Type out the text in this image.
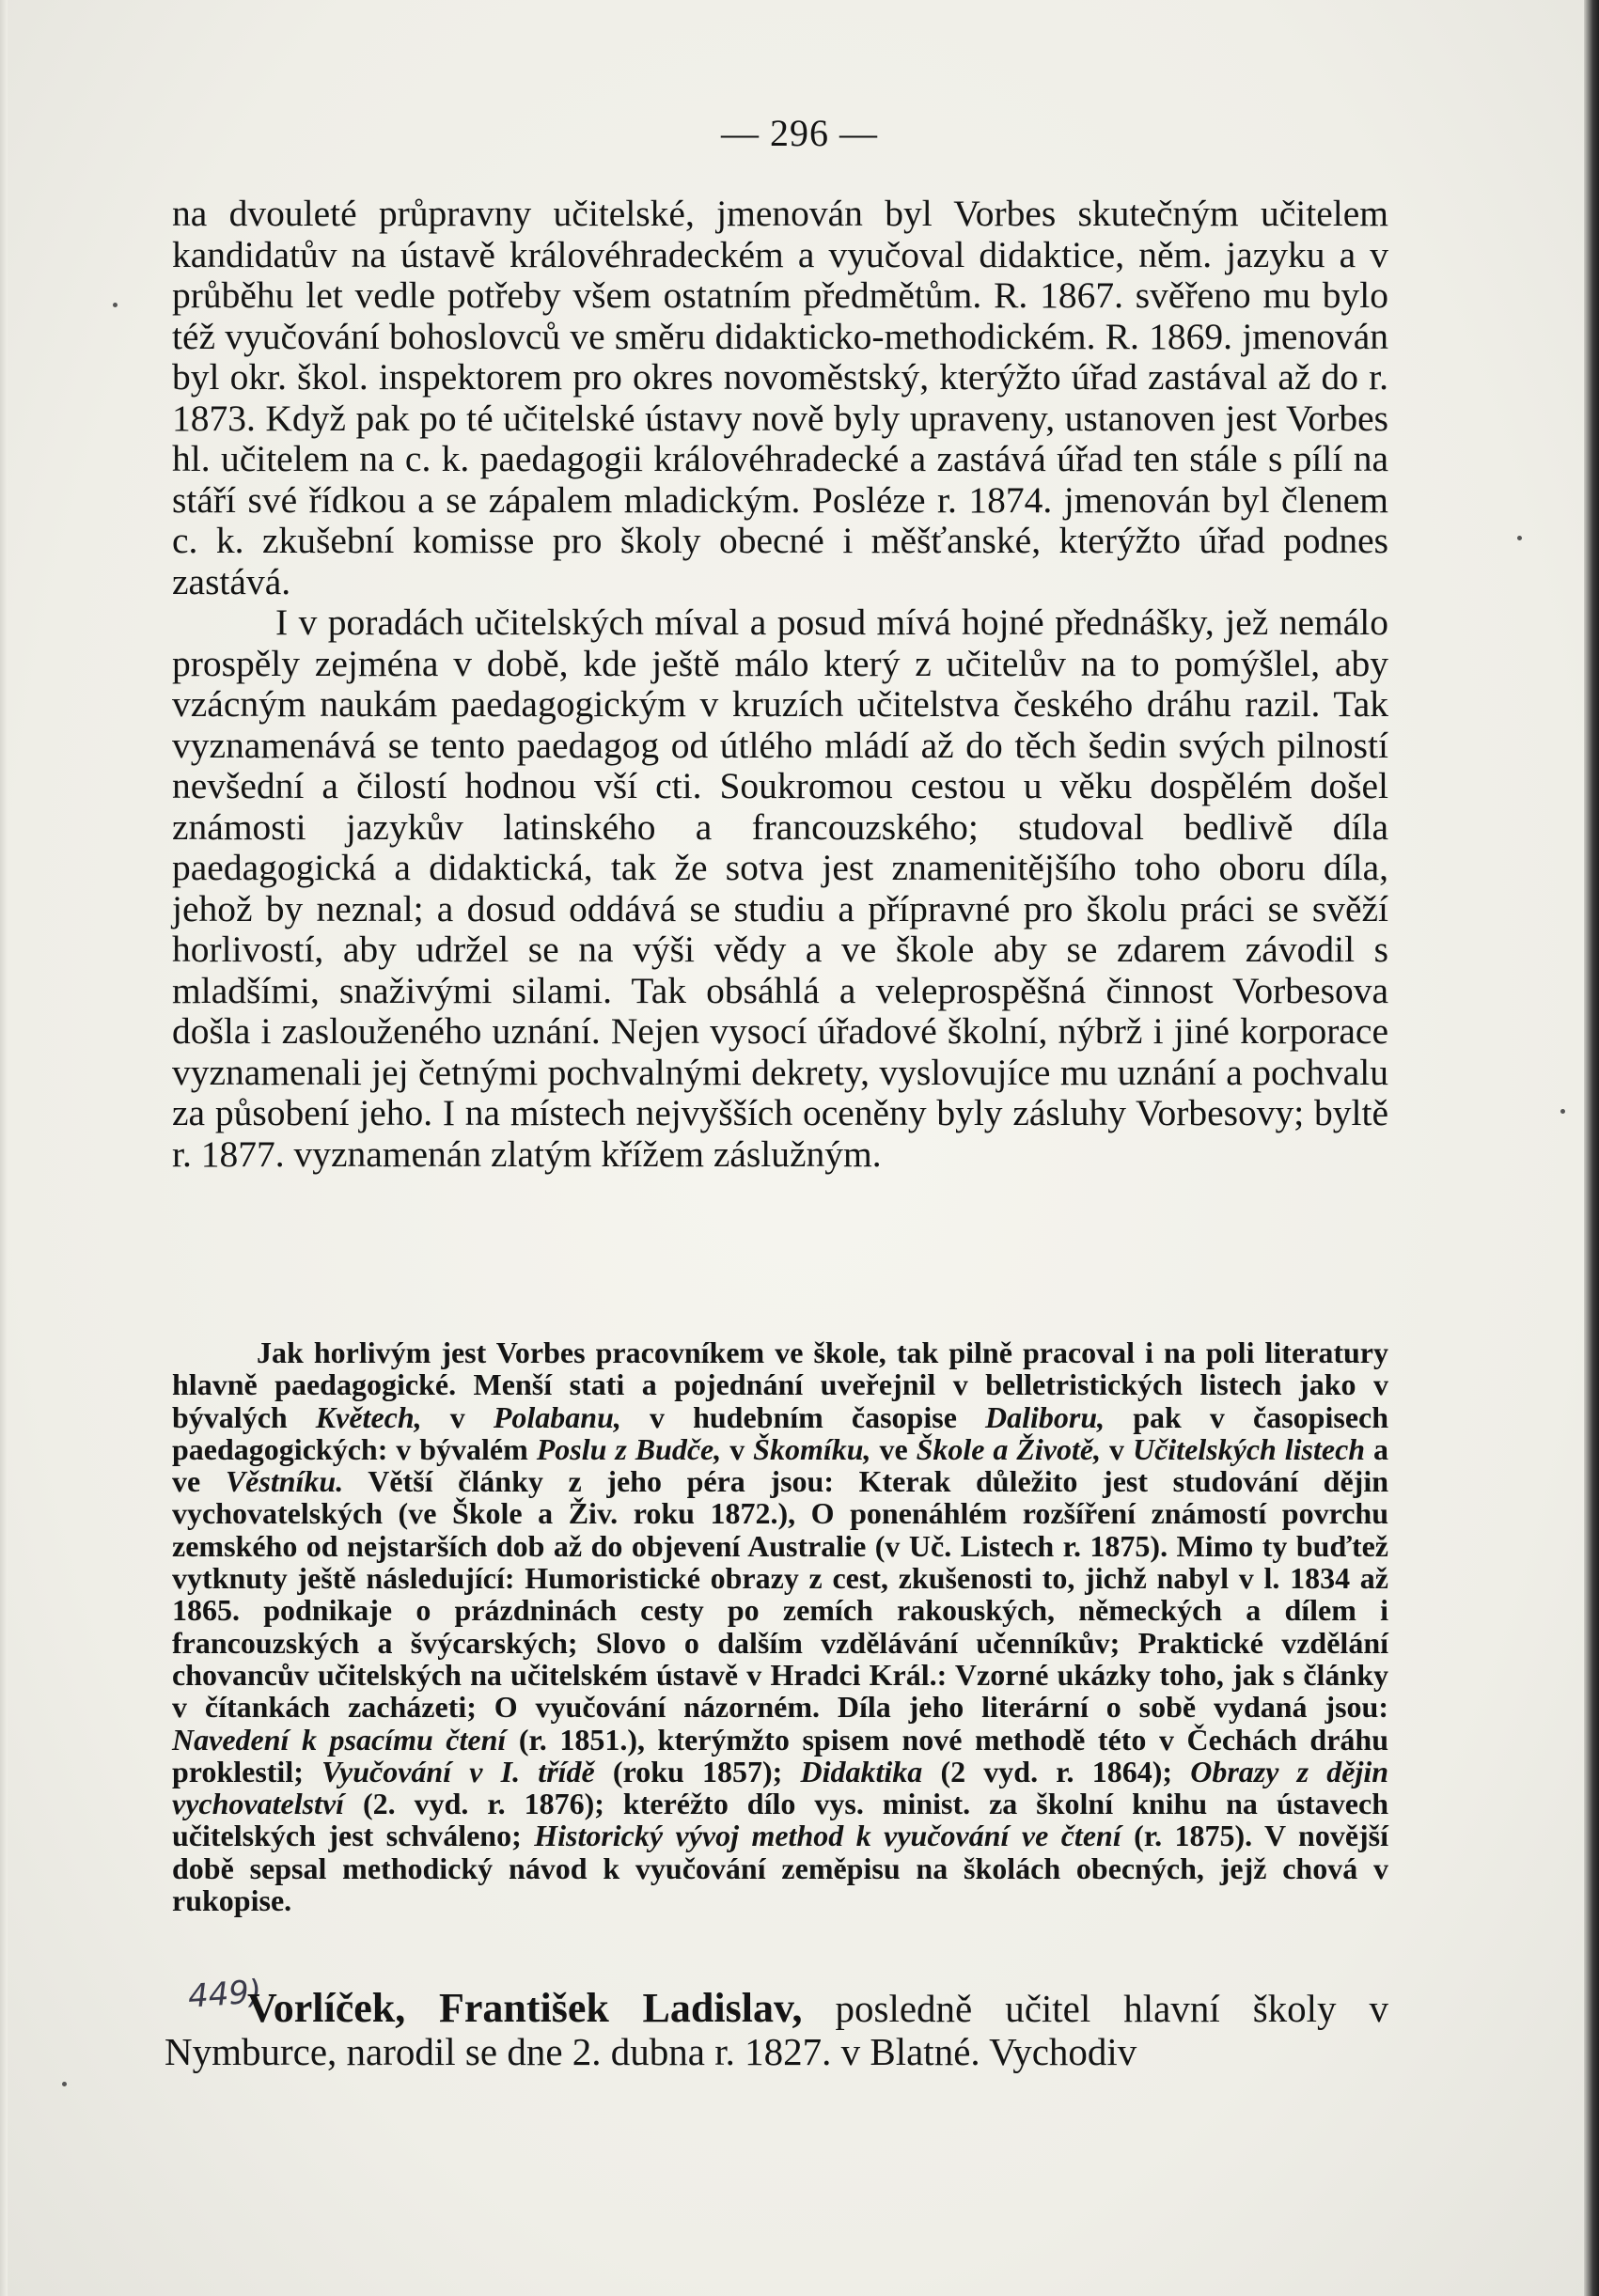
— 296 —

na dvouleté průpravny učitelské, jmenován byl Vorbes skutečným učitelem kandidatův na ústavě královéhradeckém a vyučoval didaktice, něm. jazyku a v průběhu let vedle potřeby všem ostatním předmětům. R. 1867. svěřeno mu bylo též vyučování bohoslovců ve směru didakticko-methodickém. R. 1869. jmenován byl okr. škol. inspektorem pro okres novoměstský, kterýžto úřad zastával až do r. 1873. Když pak po té učitelské ústavy nově byly upraveny, ustanoven jest Vorbes hl. učitelem na c. k. paedagogii královéhradecké a zastává úřad ten stále s pílí na stáří své řídkou a se zápalem mladickým. Posléze r. 1874. jmenován byl členem c. k. zkušební komisse pro školy obecné i měšťanské, kterýžto úřad podnes zastává.

I v poradách učitelských míval a posud mívá hojné přednášky, jež nemálo prospěly zejména v době, kde ještě málo který z učitelův na to pomýšlel, aby vzácným naukám paedagogickým v kruzích učitelstva českého dráhu razil. Tak vyznamenává se tento paedagog od útlého mládí až do těch šedin svých pilností nevšední a čilostí hodnou vší cti. Soukromou cestou u věku dospělém došel známosti jazykův latinského a francouzského; studoval bedlivě díla paedagogická a didaktická, tak že sotva jest znamenitějšího toho oboru díla, jehož by neznal; a dosud oddává se studiu a přípravné pro školu práci se svěží horlivostí, aby udržel se na výši vědy a ve škole aby se zdarem závodil s mladšími, snaživými silami. Tak obsáhlá a veleprospěšná činnost Vorbesova došla i zaslouženého uznání. Nejen vysocí úřadové školní, nýbrž i jiné korporace vyznamenali jej četnými pochvalnými dekrety, vyslovujíce mu uznání a pochvalu za působení jeho. I na místech nejvyšších oceněny byly zásluhy Vorbesovy; byltě r. 1877. vyznamenán zlatým křížem záslužným.

Jak horlivým jest Vorbes pracovníkem ve škole, tak pilně pracoval i na poli literatury hlavně paedagogické. Menší stati a pojednání uveřejnil v belletristických listech jako v bývalých Květech, v Polabanu, v hudebním časopise Daliboru, pak v časopisech paedagogických: v bývalém Poslu z Budče, v Škomíku, ve Škole a Životě, v Učitelských listech a ve Věstníku. Větší články z jeho péra jsou: Kterak důležito jest studování dějin vychovatelských (ve Škole a Živ. roku 1872.), O ponenáhlém rozšíření známostí povrchu zemského od nejstarších dob až do objevení Australie (v Uč. Listech r. 1875). Mimo ty buďtež vytknuty ještě následující: Humoristické obrazy z cest, zkušenosti to, jichž nabyl v l. 1834 až 1865. podnikaje o prázdninách cesty po zemích rakouských, německých a dílem i francouzských a švýcarských; Slovo o dalším vzdělávání učenníkův; Praktické vzdělání chovancův učitelských na učitelském ústavě v Hradci Král.: Vzorné ukázky toho, jak s články v čítankách zacházeti; O vyučování názorném. Díla jeho literární o sobě vydaná jsou: Navedení k psacímu čtení (r. 1851.), kterýmžto spisem nové methodě této v Čechách dráhu proklestil; Vyučování v I. třídě (roku 1857); Didaktika (2 vyd. r. 1864); Obrazy z dějin vychovatelství (2. vyd. r. 1876); kteréžto dílo vys. minist. za školní knihu na ústavech učitelských jest schváleno; Historický vývoj method k vyučování ve čtení (r. 1875). V novější době sepsal methodický návod k vyučování zeměpisu na školách obecných, jejž chová v rukopise.

449)

Vorlíček, František Ladislav, posledně učitel hlavní školy v Nymburce, narodil se dne 2. dubna r. 1827. v Blatné. Vychodiv
